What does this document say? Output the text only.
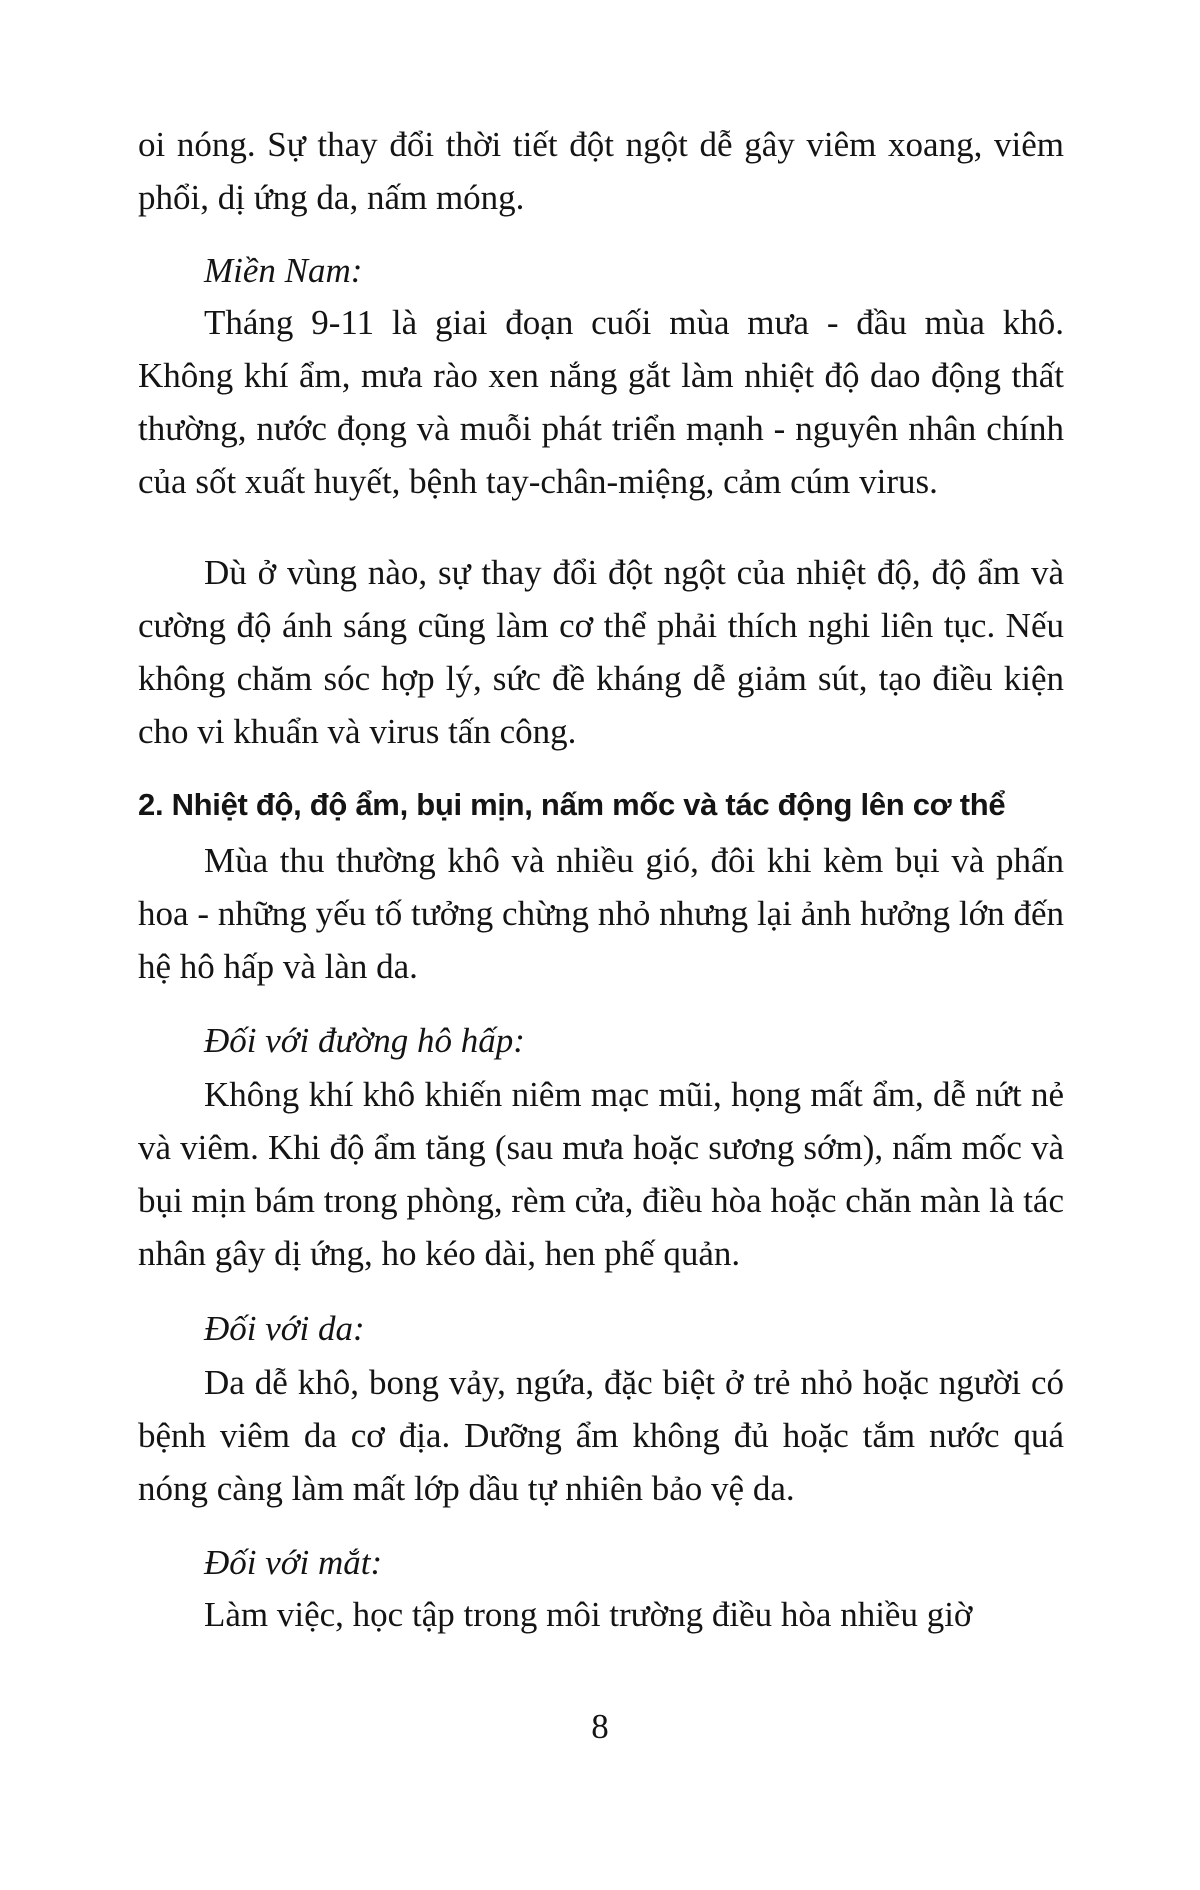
oi nóng. Sự thay đổi thời tiết đột ngột dễ gây viêm xoang, viêm phổi, dị ứng da, nấm móng.

Miền Nam:

Tháng 9-11 là giai đoạn cuối mùa mưa - đầu mùa khô. Không khí ẩm, mưa rào xen nắng gắt làm nhiệt độ dao động thất thường, nước đọng và muỗi phát triển mạnh - nguyên nhân chính của sốt xuất huyết, bệnh tay-chân-miệng, cảm cúm virus.

Dù ở vùng nào, sự thay đổi đột ngột của nhiệt độ, độ ẩm và cường độ ánh sáng cũng làm cơ thể phải thích nghi liên tục. Nếu không chăm sóc hợp lý, sức đề kháng dễ giảm sút, tạo điều kiện cho vi khuẩn và virus tấn công.

2. Nhiệt độ, độ ẩm, bụi mịn, nấm mốc và tác động lên cơ thể

Mùa thu thường khô và nhiều gió, đôi khi kèm bụi và phấn hoa - những yếu tố tưởng chừng nhỏ nhưng lại ảnh hưởng lớn đến hệ hô hấp và làn da.

Đối với đường hô hấp:

Không khí khô khiến niêm mạc mũi, họng mất ẩm, dễ nứt nẻ và viêm. Khi độ ẩm tăng (sau mưa hoặc sương sớm), nấm mốc và bụi mịn bám trong phòng, rèm cửa, điều hòa hoặc chăn màn là tác nhân gây dị ứng, ho kéo dài, hen phế quản.

Đối với da:

Da dễ khô, bong vảy, ngứa, đặc biệt ở trẻ nhỏ hoặc người có bệnh viêm da cơ địa. Dưỡng ẩm không đủ hoặc tắm nước quá nóng càng làm mất lớp dầu tự nhiên bảo vệ da.

Đối với mắt:

Làm việc, học tập trong môi trường điều hòa nhiều giờ

8
